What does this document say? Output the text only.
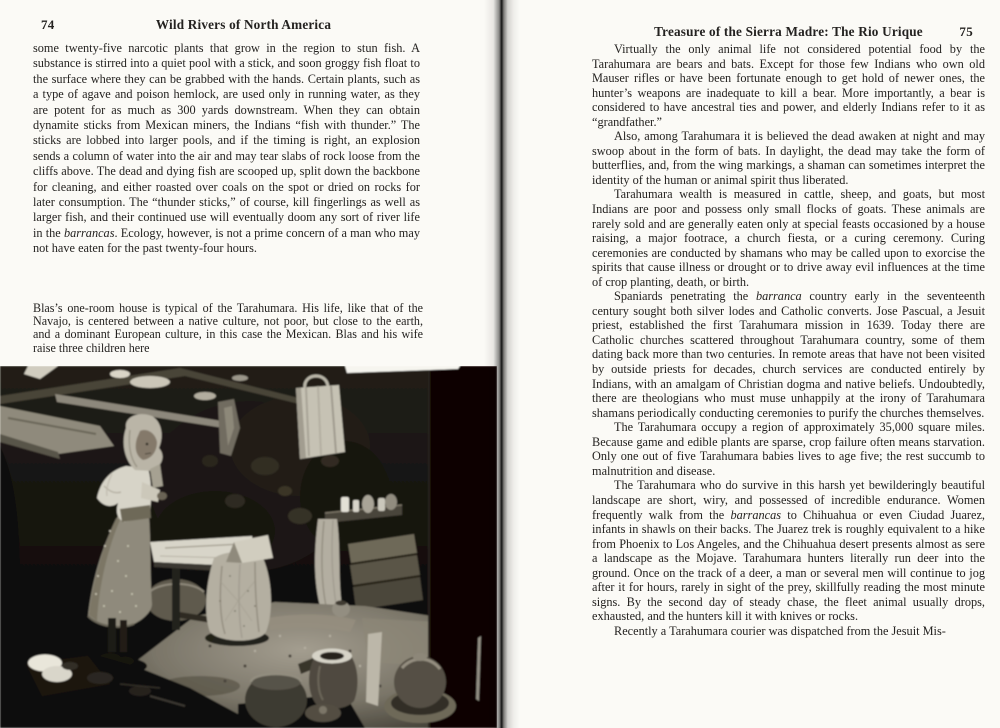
74	Wild Rivers of North America

some twenty-five narcotic plants that grow in the region to stun fish. A substance is stirred into a quiet pool with a stick, and soon groggy fish float to the surface where they can be grabbed with the hands. Certain plants, such as a type of agave and poison hemlock, are used only in running water, as they are potent for as much as 300 yards downstream. When they can obtain dynamite sticks from Mexican miners, the Indians “fish with thunder.” The sticks are lobbed into larger pools, and if the timing is right, an explosion sends a column of water into the air and may tear slabs of rock loose from the cliffs above. The dead and dying fish are scooped up, split down the backbone for cleaning, and either roasted over coals on the spot or dried on rocks for later consumption. The “thunder sticks,” of course, kill fingerlings as well as larger fish, and their continued use will eventually doom any sort of river life in the barrancas. Ecology, however, is not a prime concern of a man who may not have eaten for the past twenty-four hours.

Blas’s one-room house is typical of the Tarahumara. His life, like that of the Navajo, is centered between a native culture, not poor, but close to the earth, and a dominant European culture, in this case the Mexican. Blas and his wife raise three children here
Treasure of the Sierra Madre: The Rio Urique	75

Virtually the only animal life not considered potential food by the Tarahumara are bears and bats. Except for those few Indians who own old Mauser rifles or have been fortunate enough to get hold of newer ones, the hunter’s weapons are inadequate to kill a bear. More importantly, a bear is considered to have ancestral ties and power, and elderly Indians refer to it as “grandfather.”

Also, among Tarahumara it is believed the dead awaken at night and may swoop about in the form of bats. In daylight, the dead may take the form of butterflies, and, from the wing markings, a shaman can sometimes interpret the identity of the human or animal spirit thus liberated.

Tarahumara wealth is measured in cattle, sheep, and goats, but most Indians are poor and possess only small flocks of goats. These animals are rarely sold and are generally eaten only at special feasts occasioned by a house raising, a major footrace, a church fiesta, or a curing ceremony. Curing ceremonies are conducted by shamans who may be called upon to exorcise the spirits that cause illness or drought or to drive away evil influences at the time of crop planting, death, or birth.

Spaniards penetrating the barranca country early in the seventeenth century sought both silver lodes and Catholic converts. Jose Pascual, a Jesuit priest, established the first Tarahumara mission in 1639. Today there are Catholic churches scattered throughout Tarahumara country, some of them dating back more than two centuries. In remote areas that have not been visited by outside priests for decades, church services are conducted entirely by Indians, with an amalgam of Christian dogma and native beliefs. Undoubtedly, there are theologians who must muse unhappily at the irony of Tarahumara shamans periodically conducting ceremonies to purify the churches themselves.

The Tarahumara occupy a region of approximately 35,000 square miles. Because game and edible plants are sparse, crop failure often means starvation. Only one out of five Tarahumara babies lives to age five; the rest succumb to malnutrition and disease.

The Tarahumara who do survive in this harsh yet bewilderingly beautiful landscape are short, wiry, and possessed of incredible endurance. Women frequently walk from the barrancas to Chihuahua or even Ciudad Juarez, infants in shawls on their backs. The Juarez trek is roughly equivalent to a hike from Phoenix to Los Angeles, and the Chihuahua desert presents almost as sere a landscape as the Mojave. Tarahumara hunters literally run deer into the ground. Once on the track of a deer, a man or several men will continue to jog after it for hours, rarely in sight of the prey, skillfully reading the most minute signs. By the second day of steady chase, the fleet animal usually drops, exhausted, and the hunters kill it with knives or rocks.

Recently a Tarahumara courier was dispatched from the Jesuit Mis-
